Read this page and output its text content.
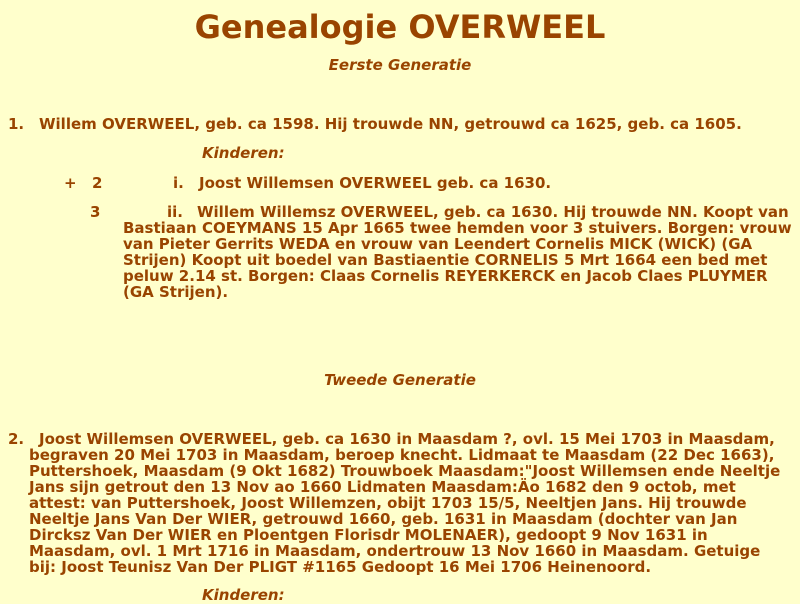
Genealogie OVERWEEL
Eerste Generatie
1. Willem OVERWEEL, geb. ca 1598. Hij trouwde NN, getrouwd ca 1625, geb. ca 1605.
Kinderen:
+ 2	i. Joost Willemsen OVERWEEL geb. ca 1630.
3	ii. Willem Willemsz OVERWEEL, geb. ca 1630. Hij trouwde NN. Koopt van
Bastiaan COEYMANS 15 Apr 1665 twee hemden voor 3 stuivers. Borgen: vrouw van Pieter Gerrits WEDA en vrouw van Leendert Cornelis MICK (WICK) (GA Strijen) Koopt uit boedel van Bastiaentie CORNELIS 5 Mrt 1664 een bed met peluw 2.14 st. Borgen: Claas Cornelis REYERKERCK en Jacob Claes PLUYMER (GA Strijen).
Tweede Generatie
2. Joost Willemsen OVERWEEL, geb. ca 1630 in Maasdam ?, ovl. 15 Mei 1703 in Maasdam,
begraven 20 Mei 1703 in Maasdam, beroep knecht. Lidmaat te Maasdam (22 Dec 1663), Puttershoek, Maasdam (9 Okt 1682) Trouwboek Maasdam:"Joost Willemsen ende Neeltje Jans sijn getrout den 13 Nov ao 1660 Lidmaten Maasdam:Äo 1682 den 9 octob, met attest: van Puttershoek, Joost Willemzen, obijt 1703 15/5, Neeltjen Jans. Hij trouwde Neeltje Jans Van Der WIER, getrouwd 1660, geb. 1631 in Maasdam (dochter van Jan Dircksz Van Der WIER en Ploentgen Florisdr MOLENAER), gedoopt 9 Nov 1631 in Maasdam, ovl. 1 Mrt 1716 in Maasdam, ondertrouw 13 Nov 1660 in Maasdam. Getuige bij: Joost Teunisz Van Der PLIGT #1165 Gedoopt 16 Mei 1706 Heinenoord.
Kinderen:
